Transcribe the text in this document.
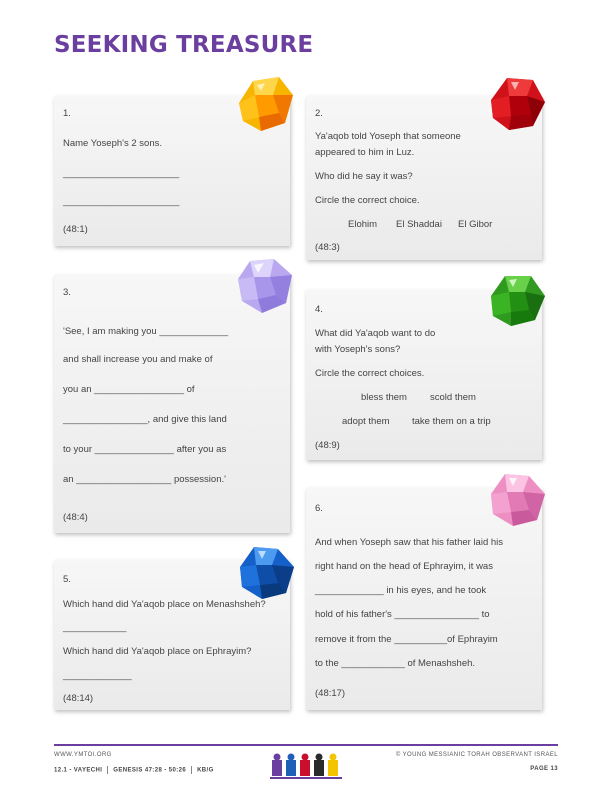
SEEKING TREASURE
1.
Name Yoseph's 2 sons.
______________________
______________________
(48:1)
2.
Ya'aqob told Yoseph that someone
appeared to him in Luz.
Who did he say it was?
Circle the correct choice.
Elohim El Shaddai El Gibor
(48:3)
3.
'See, I am making you _____________
and shall increase you and make of
you an _________________ of
________________, and give this land
to your _______________ after you as
an __________________ possession.'
(48:4)
4.
What did Ya'aqob want to do
with Yoseph's sons?
Circle the correct choices.
bless them scold them
adopt them take them on a trip
(48:9)
5.
Which hand did Ya'aqob place on Menashsheh?
____________
Which hand did Ya'aqob place on Ephrayim?
_____________
(48:14)
6.
And when Yoseph saw that his father laid his
right hand on the head of Ephrayim, it was
_____________ in his eyes, and he took
hold of his father's ________________ to
remove it from the __________of Ephrayim
to the ____________ of Menashsheh.
(48:17)
WWW.YMTOI.ORG
12.1 - VAYECHI GENESIS 47:28 - 50:26 KB/G
© YOUNG MESSIANIC TORAH OBSERVANT ISRAEL
PAGE 13
